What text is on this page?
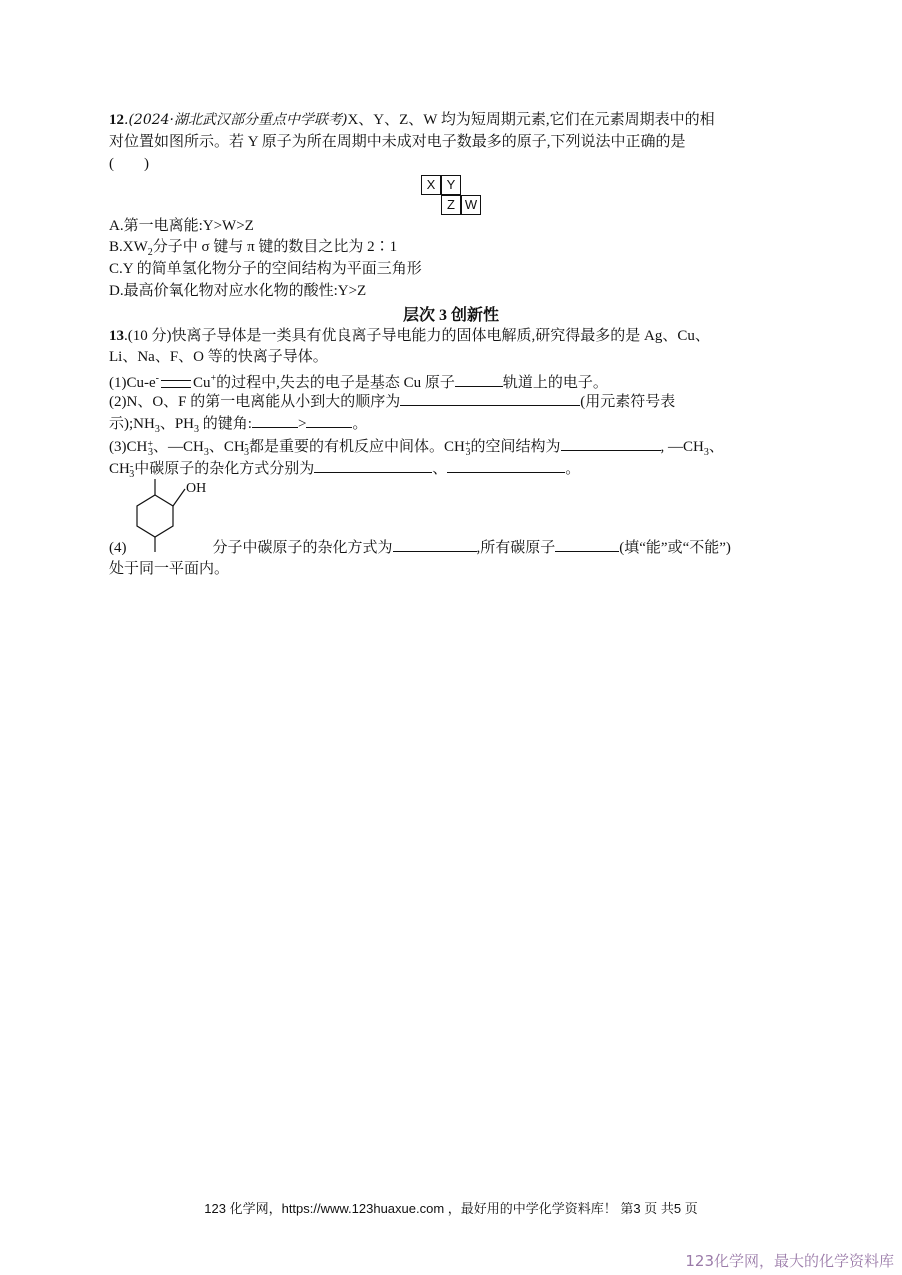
12.(2024·湖北武汉部分重点中学联考)X、Y、Z、W 均为短周期元素,它们在元素周期表中的相
对位置如图所示。若 Y 原子为所在周期中未成对电子数最多的原子,下列说法中正确的是
(　　)
X Y
Z W
A.第一电离能:Y>W>Z
$B.XW_2$分子中 σ 键与 π 键的数目之比为 2∶1
C.Y 的简单氢化物分子的空间结构为平面三角形
D.最高价氧化物对应水化物的酸性:Y>Z
层次 3 创新性
13.(10 分)快离子导体是一类具有优良离子导电能力的固体电解质,研究得最多的是 Ag、Cu、
Li、Na、F、O 等的快离子导体。
(1)Cu-e- Cu+的过程中,失去的电子是基态 Cu 原子	轨道上的电子。
(2)N、O、F 的第一电离能从小到大的顺序为	(用元素符号表
示)$;NH_3$、$PH_3$ 的键角:	>	。
$(3)CH_{+3}$、$—CH_3$、$CH_{-3}$都是重要的有机反应中间体。$CH_{+3}$的空间结构为	, $—CH_3$、
$CH_{-3}$中碳原子的杂化方式分别为	、	。
OH
(4)	分子中碳原子的杂化方式为	,所有碳原子	(填“能”或“不能”)
处于同一平面内。
123 化学网，https://www.123huaxue.com ，最好用的中学化学资料库！ 第3 页 共5 页
123化学网，最大的化学资料库
